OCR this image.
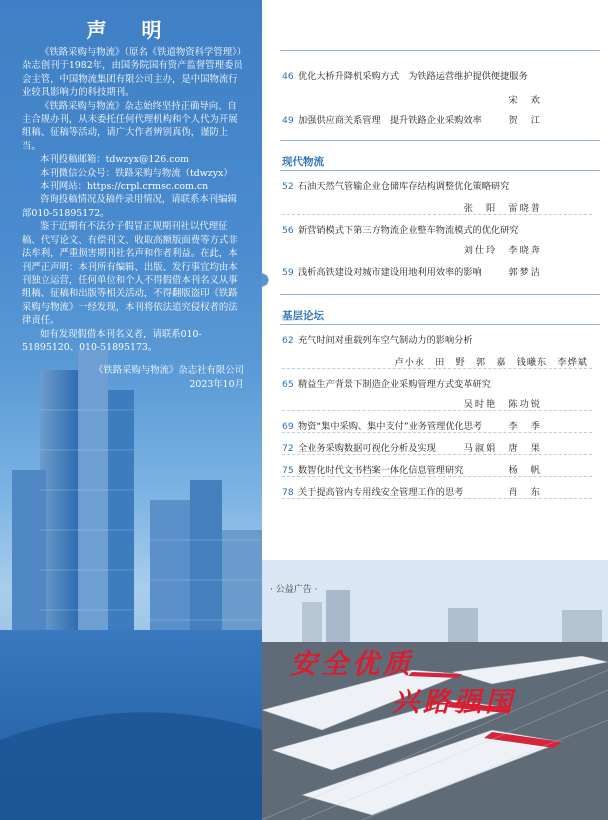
声 明

《铁路采购与物流》（原名《铁道物资科学管理》）杂志创刊于1982年，由国务院国有资产监督管理委员会主管，中国物流集团有限公司主办，是中国物流行业较具影响力的科技期刊。

《铁路采购与物流》杂志始终坚持正确导向、自主合规办刊，从未委托任何代理机构和个人代为开展组稿、征稿等活动，请广大作者辨别真伪，谨防上当。

本刊投稿邮箱：tdwzyx@126.com

本刊微信公众号：铁路采购与物流（tdwzyx）

本刊网站：https://crpl.crmsc.com.cn

咨询投稿情况及稿件录用情况，请联系本刊编辑部010-51895172。

鉴于近期有不法分子假冒正规期刊社以代理征稿、代写论文、有偿刊文、收取高额版面费等方式非法牟利，严重损害期刊社名声和作者利益。在此，本刊严正声明：本刊所有编辑、出版、发行事宜均由本刊独立运营，任何单位和个人不得假借本刊名义从事组稿、征稿和出版等相关活动，不得翻版盗印《铁路采购与物流》一经发现，本刊将依法追究侵权者的法律责任。

如有发现假借本刊名义者，请联系010-51895120、010-51895173。

《铁路采购与物流》杂志社有限公司

2023年10月

46 优化大桥升降机采购方式　为铁路运营维护提供便捷服务
宋　欢
49 加强供应商关系管理　提升铁路企业采购效率	贺　江
现代物流
52 石油天然气管输企业仓储库存结构调整优化策略研究
张　阳　雷晓普
56 新营销模式下第三方物流企业整车物流模式的优化研究
刘仕玲　李晓奔
59 浅析高铁建设对城市建设用地利用效率的影响	郭梦洁
基层论坛
62 充气时间对重载列车空气制动力的影响分析
卢小永　田　野　郭　嘉　钱曦东　李烨斌
65 精益生产背景下制造企业采购管理方式变革研究
吴时艳　陈功锐
69 物资“集中采购、集中支付”业务管理优化思考	李　季
72 全业务采购数据可视化分析及实现	马淑娟　唐　果
75 数智化时代文书档案一体化信息管理研究	杨　帆
78 关于提高管内专用线安全管理工作的思考	肖　东
· 公益广告 ·
安全优质
兴路强国
